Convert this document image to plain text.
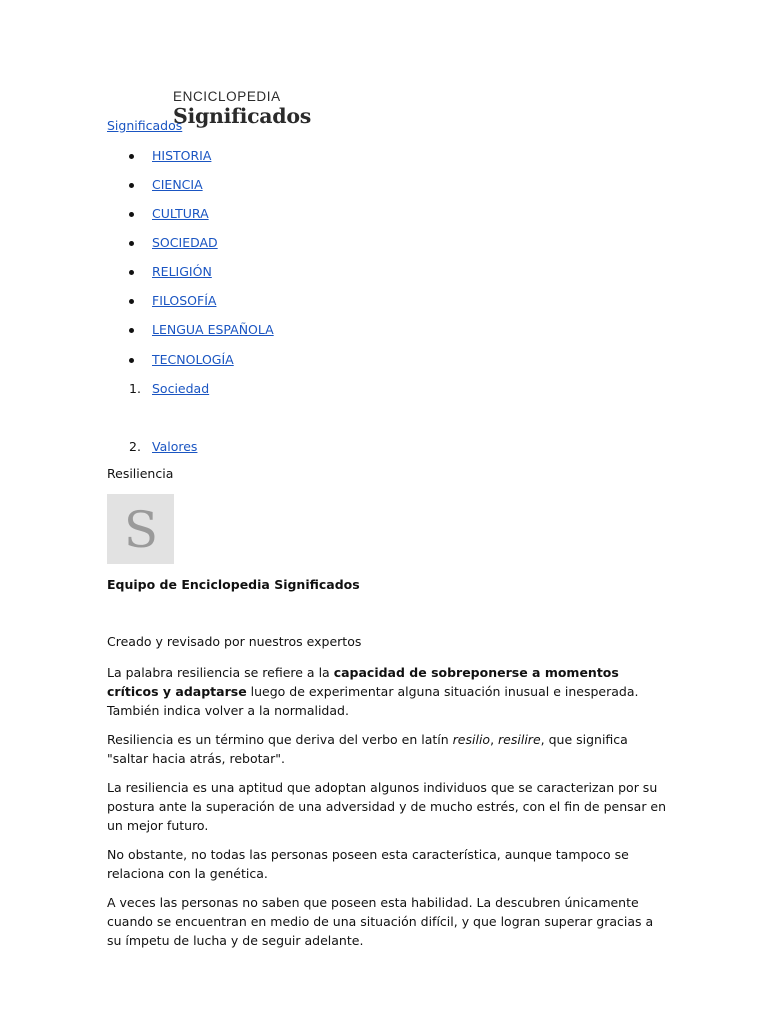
Significados
ENCICLOPEDIA
Significados
HISTORIA
CIENCIA
CULTURA
SOCIEDAD
RELIGIÓN
FILOSOFÍA
LENGUA ESPAÑOLA
TECNOLOGÍA
1. Sociedad
2. Valores
Resiliencia
S
Equipo de Enciclopedia Significados
Creado y revisado por nuestros expertos

La palabra resiliencia se refiere a la capacidad de sobreponerse a momentos críticos y adaptarse luego de experimentar alguna situación inusual e inesperada. También indica volver a la normalidad.

Resiliencia es un término que deriva del verbo en latín resilio, resilire, que significa "saltar hacia atrás, rebotar".

La resiliencia es una aptitud que adoptan algunos individuos que se caracterizan por su postura ante la superación de una adversidad y de mucho estrés, con el fin de pensar en un mejor futuro.

No obstante, no todas las personas poseen esta característica, aunque tampoco se relaciona con la genética.

A veces las personas no saben que poseen esta habilidad. La descubren únicamente cuando se encuentran en medio de una situación difícil, y que logran superar gracias a su ímpetu de lucha y de seguir adelante.
